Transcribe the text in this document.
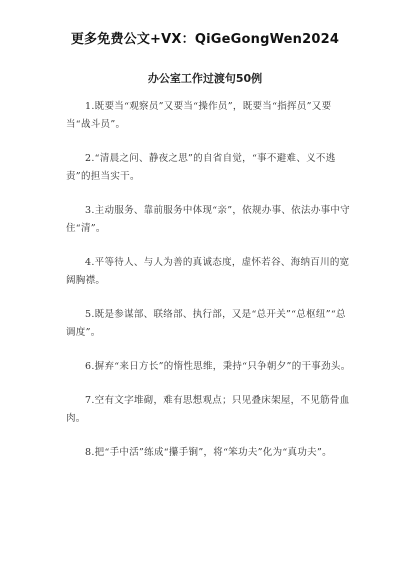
更多免费公文+VX：QiGeGongWen2024
办公室工作过渡句50例
1.既要当“观察员”又要当“操作员”，既要当“指挥员”又要当“战斗员”。
2.“清晨之问、静夜之思”的自省自觉，“事不避难、义不逃责”的担当实干。
3.主动服务、靠前服务中体现“亲”，依规办事、依法办事中守住“清”。
4.平等待人、与人为善的真诚态度，虚怀若谷、海纳百川的宽阔胸襟。
5.既是参谋部、联络部、执行部，又是“总开关”“总枢纽”“总调度”。
6.摒弃“来日方长”的惰性思维，秉持“只争朝夕”的干事劲头。
7.空有文字堆砌，难有思想观点；只见叠床架屋，不见筋骨血肉。
8.把“手中活”练成“攥手锏”，将“笨功夫”化为“真功夫”。
